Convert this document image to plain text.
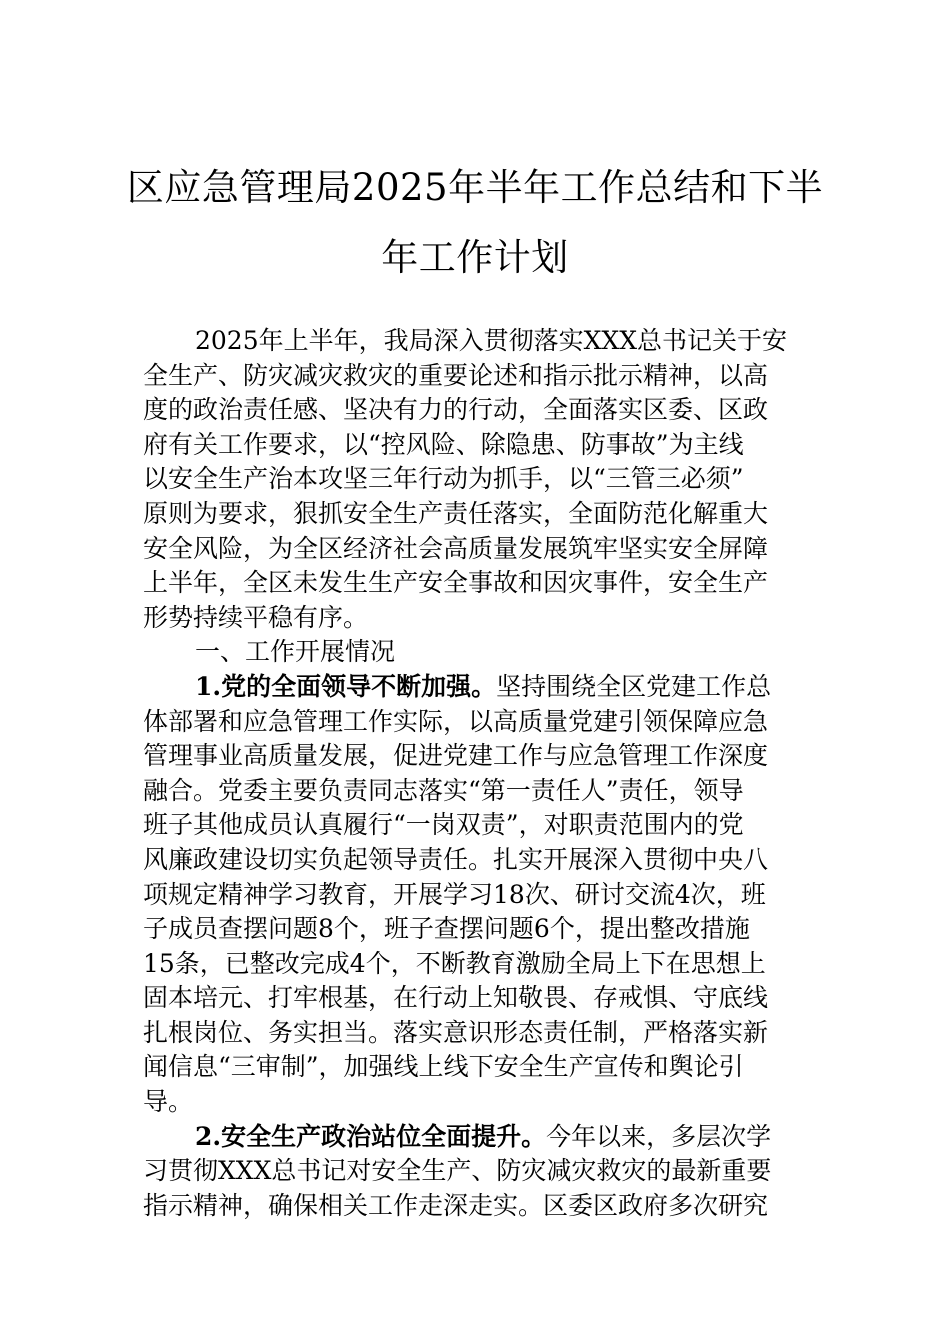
区应急管理局2025年半年工作总结和下半
年工作计划
2025年上半年，我局深入贯彻落实XXX总书记关于安
全生产、防灾减灾救灾的重要论述和指示批示精神，以高
度的政治责任感、坚决有力的行动，全面落实区委、区政
府有关工作要求，以“控风险、除隐患、防事故”为主线
以安全生产治本攻坚三年行动为抓手，以“三管三必须”
原则为要求，狠抓安全生产责任落实，全面防范化解重大
安全风险，为全区经济社会高质量发展筑牢坚实安全屏障
上半年，全区未发生生产安全事故和因灾事件，安全生产
形势持续平稳有序。
一、工作开展情况
1.党的全面领导不断加强。坚持围绕全区党建工作总
体部署和应急管理工作实际，以高质量党建引领保障应急
管理事业高质量发展，促进党建工作与应急管理工作深度
融合。党委主要负责同志落实“第一责任人”责任，领导
班子其他成员认真履行“一岗双责”，对职责范围内的党
风廉政建设切实负起领导责任。扎实开展深入贯彻中央八
项规定精神学习教育，开展学习18次、研讨交流4次，班
子成员查摆问题8个，班子查摆问题6个，提出整改措施
15条，已整改完成4个，不断教育激励全局上下在思想上
固本培元、打牢根基，在行动上知敬畏、存戒惧、守底线
扎根岗位、务实担当。落实意识形态责任制，严格落实新
闻信息“三审制”，加强线上线下安全生产宣传和舆论引
导。
2.安全生产政治站位全面提升。今年以来，多层次学
习贯彻XXX总书记对安全生产、防灾减灾救灾的最新重要
指示精神，确保相关工作走深走实。区委区政府多次研究
